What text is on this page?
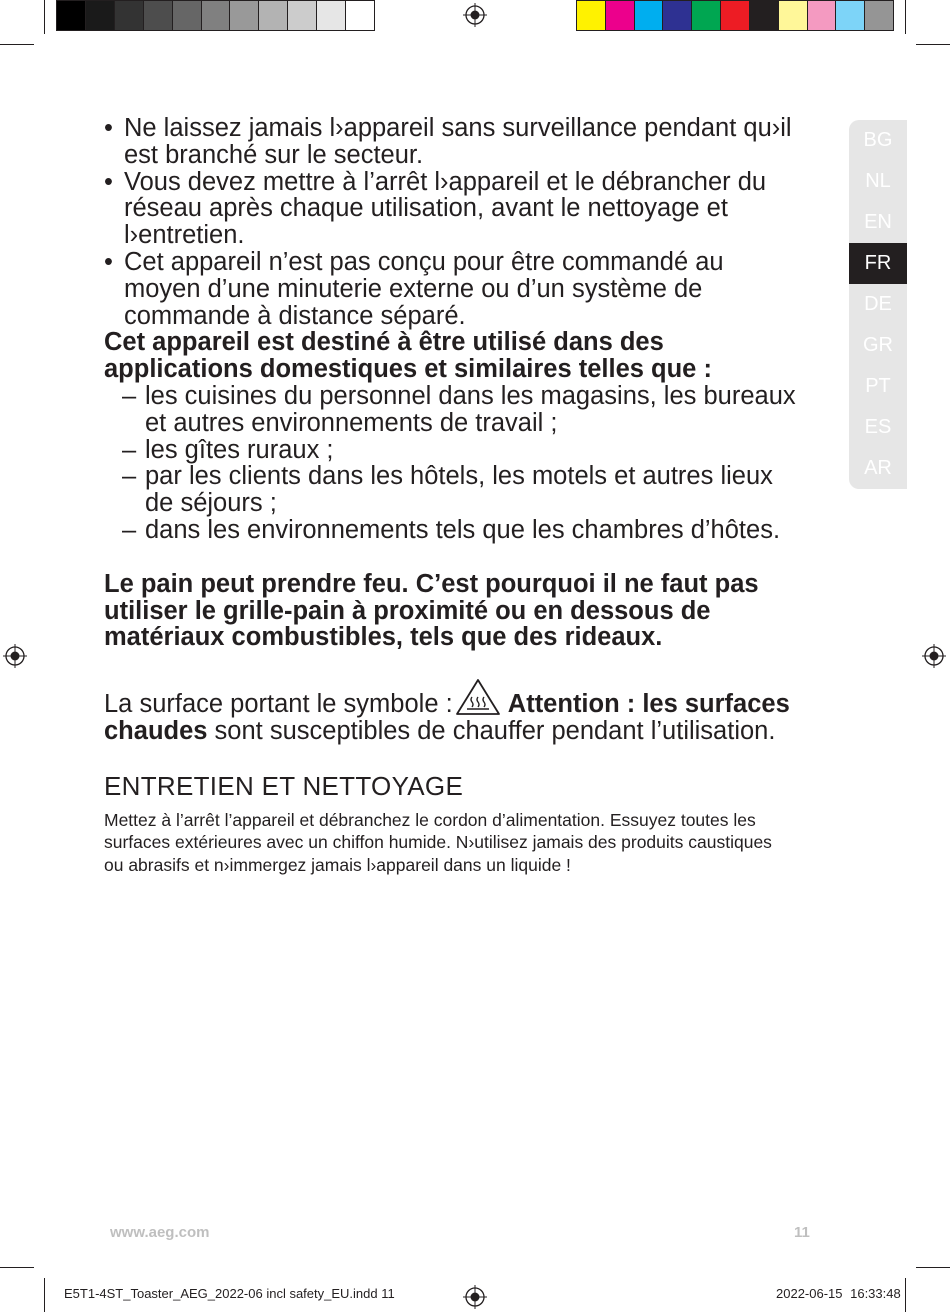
BG
NL
EN
FR
DE
GR
PT
ES
AR

• Ne laissez jamais l›appareil sans surveillance pendant qu›il est branché sur le secteur.

• Vous devez mettre à l’arrêt l›appareil et le débrancher du réseau après chaque utilisation, avant le nettoyage et l›entretien.

• Cet appareil n’est pas conçu pour être commandé au moyen d’une minuterie externe ou d’un système de commande à distance séparé.

Cet appareil est destiné à être utilisé dans des applications domestiques et similaires telles que :

– les cuisines du personnel dans les magasins, les bureaux et autres environnements de travail ;

– les gîtes ruraux ;

– par les clients dans les hôtels, les motels et autres lieux de séjours ;

– dans les environnements tels que les chambres d’hôtes.

Le pain peut prendre feu. C’est pourquoi il ne faut pas utiliser le grille-pain à proximité ou en dessous de matériaux combustibles, tels que des rideaux.

La surface portant le symbole : Attention : les surfaces chaudes sont susceptibles de chauffer pendant l’utilisation.

ENTRETIEN ET NETTOYAGE

Mettez à l’arrêt l’appareil et débranchez le cordon d’alimentation. Essuyez toutes les surfaces extérieures avec un chiffon humide. N›utilisez jamais des produits caustiques ou abrasifs et n›immergez jamais l›appareil dans un liquide !

www.aeg.com	11
E5T1-4ST_Toaster_AEG_2022-06 incl safety_EU.indd 11	2022-06-15 16:33:48
